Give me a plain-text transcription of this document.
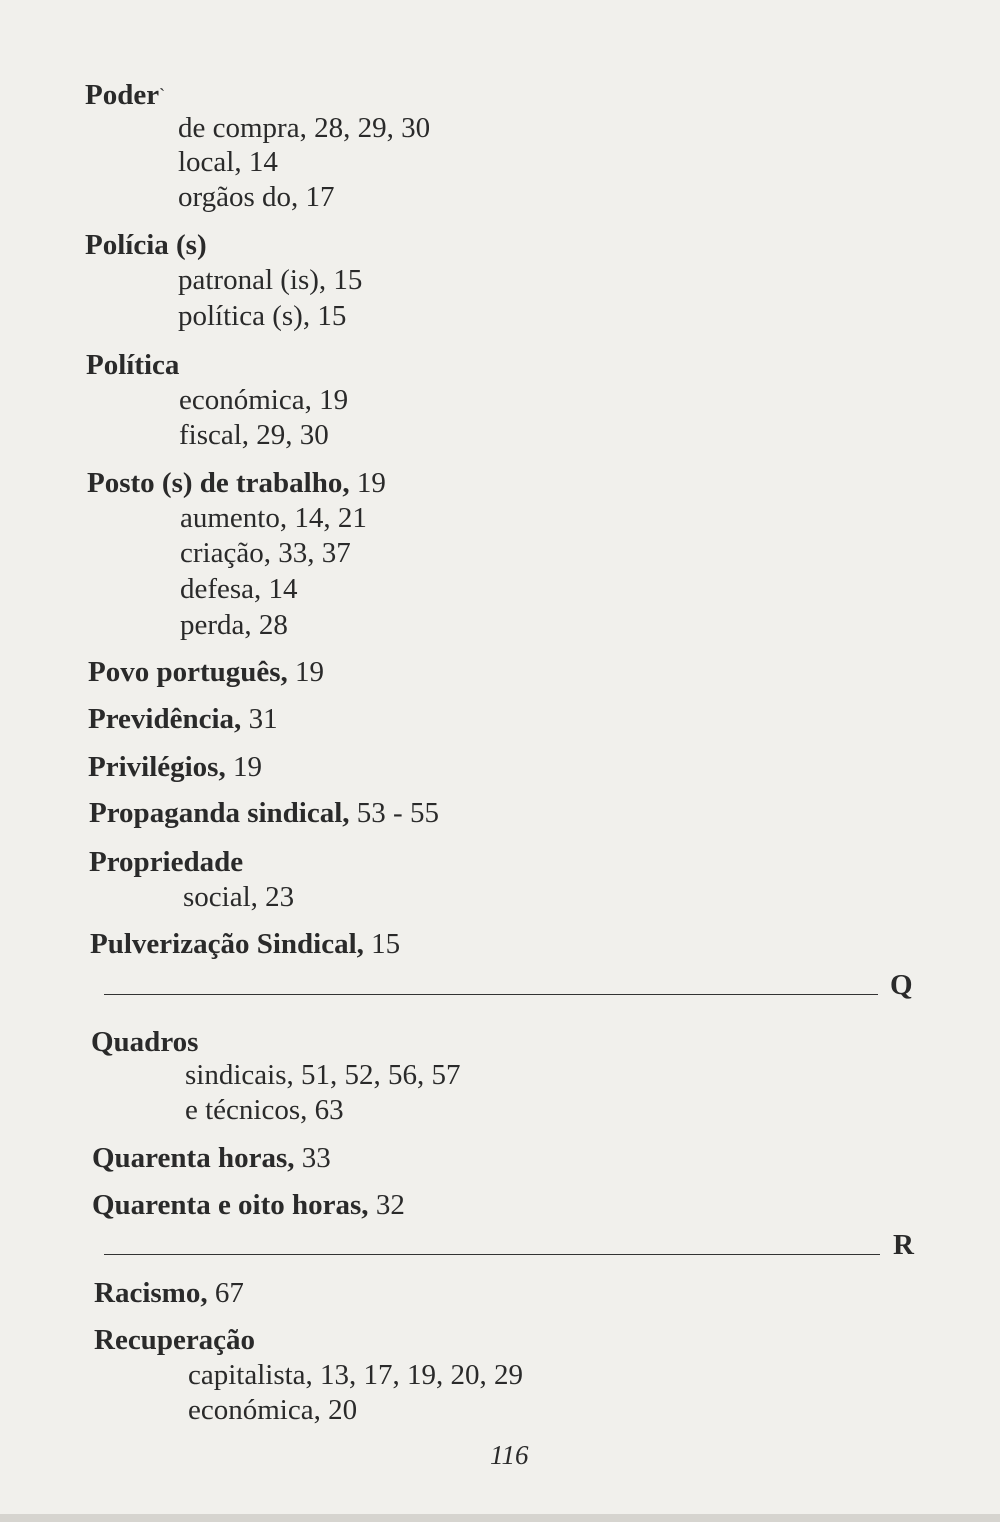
Poder`
de compra, 28, 29, 30
local, 14
orgãos do, 17
Polícia (s)
patronal (is), 15
política (s), 15
Política
económica, 19
fiscal, 29, 30
Posto (s) de trabalho, 19
aumento, 14, 21
criação, 33, 37
defesa, 14
perda, 28
Povo português, 19
Previdência, 31
Privilégios, 19
Propaganda sindical, 53 - 55
Propriedade
social, 23
Pulverização Sindical, 15
Q
Quadros
sindicais, 51, 52, 56, 57
e técnicos, 63
Quarenta horas, 33
Quarenta e oito horas, 32
R
Racismo, 67
Recuperação
capitalista, 13, 17, 19, 20, 29
económica, 20
116
